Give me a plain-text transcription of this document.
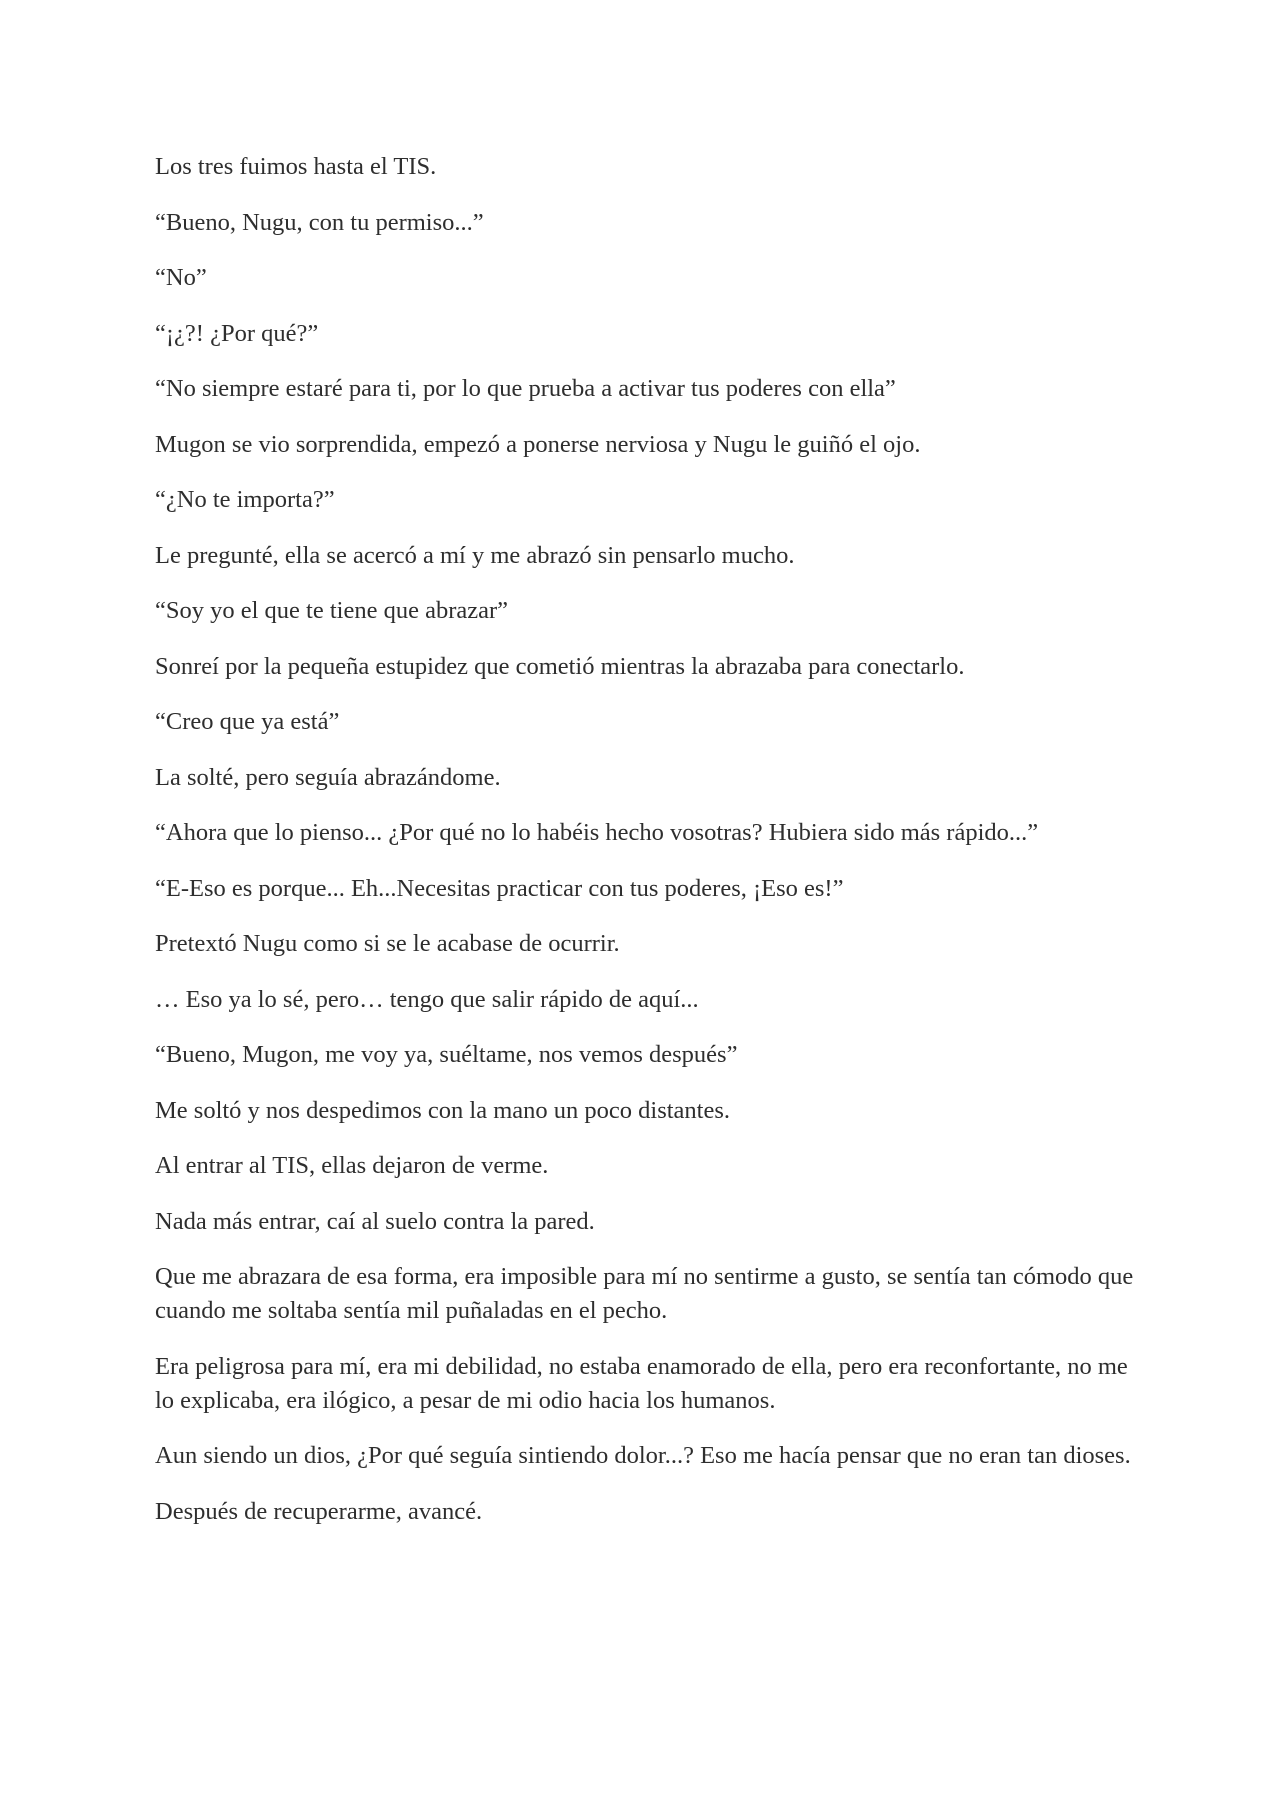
Los tres fuimos hasta el TIS.

“Bueno, Nugu, con tu permiso...”

“No”

“¡¿?! ¿Por qué?”

“No siempre estaré para ti, por lo que prueba a activar tus poderes con ella”

Mugon se vio sorprendida, empezó a ponerse nerviosa y Nugu le guiñó el ojo.

“¿No te importa?”

Le pregunté, ella se acercó a mí y me abrazó sin pensarlo mucho.

“Soy yo el que te tiene que abrazar”

Sonreí por la pequeña estupidez que cometió mientras la abrazaba para conectarlo.

“Creo que ya está”

La solté, pero seguía abrazándome.

“Ahora que lo pienso... ¿Por qué no lo habéis hecho vosotras? Hubiera sido más rápido...”

“E-Eso es porque... Eh...Necesitas practicar con tus poderes, ¡Eso es!”

Pretextó Nugu como si se le acabase de ocurrir.

… Eso ya lo sé, pero… tengo que salir rápido de aquí...

“Bueno, Mugon, me voy ya, suéltame, nos vemos después”

Me soltó y nos despedimos con la mano un poco distantes.

Al entrar al TIS, ellas dejaron de verme.

Nada más entrar, caí al suelo contra la pared.

Que me abrazara de esa forma, era imposible para mí no sentirme a gusto, se sentía tan cómodo que cuando me soltaba sentía mil puñaladas en el pecho.

Era peligrosa para mí, era mi debilidad, no estaba enamorado de ella, pero era reconfortante, no me lo explicaba, era ilógico, a pesar de mi odio hacia los humanos.

Aun siendo un dios, ¿Por qué seguía sintiendo dolor...? Eso me hacía pensar que no eran tan dioses.

Después de recuperarme, avancé.
